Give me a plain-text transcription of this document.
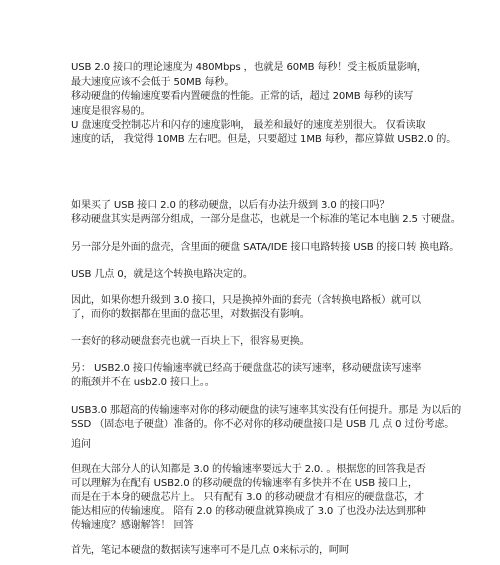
USB 2.0 接口的理论速度为 480Mbps ，也就是 60MB 每秒！受主板质量影响，
最大速度应该不会低于 50MB 每秒。
移动硬盘的传输速度要看内置硬盘的性能。正常的话，超过 20MB 每秒的读写
速度是很容易的。
U 盘速度受控制芯片和闪存的速度影响， 最差和最好的速度差别很大。 仅看读取
速度的话， 我觉得 10MB 左右吧。但是，只要超过 1MB 每秒，都应算做 USB2.0 的。
如果买了 USB 接口 2.0 的移动硬盘，以后有办法升级到 3.0 的接口吗？
移动硬盘其实是两部分组成，一部分是盘芯，也就是一个标准的笔记本电脑 2.5 寸硬盘。
另一部分是外面的盘壳，含里面的硬盘 SATA/IDE 接口电路转接 USB 的接口转 换电路。
USB 几点 0，就是这个转换电路决定的。
因此，如果你想升级到 3.0 接口，只是换掉外面的套壳（含转换电路板）就可以
了，而你的数据都在里面的盘芯里，对数据没有影响。
一套好的移动硬盘套壳也就一百块上下，很容易更换。
另： USB2.0 接口传输速率就已经高于硬盘盘芯的读写速率，移动硬盘读写速率
的瓶颈并不在 usb2.0 接口上。。
USB3.0 那超高的传输速率对你的移动硬盘的读写速率其实没有任何提升。那是 为以后的
SSD （固态电子硬盘）准备的。你不必对你的移动硬盘接口是 USB 几 点 0 过份考虑。
追问
但现在大部分人的认知都是 3.0 的传输速率要远大于 2.0. 。根据您的回答我是否
可以理解为在配有 USB2.0 的移动硬盘的传输速率有多快并不在 USB 接口上，
而是在于本身的硬盘芯片上。 只有配有 3.0 的移动硬盘才有相应的硬盘盘芯，才
能达相应的传输速度。 陪有 2.0 的移动硬盘就算换成了 3.0 了也没办法达到那种
传输速度？感谢解答！ 回答
首先，笔记本硬盘的数据读写速率可不是几点 0来标示的，呵呵
